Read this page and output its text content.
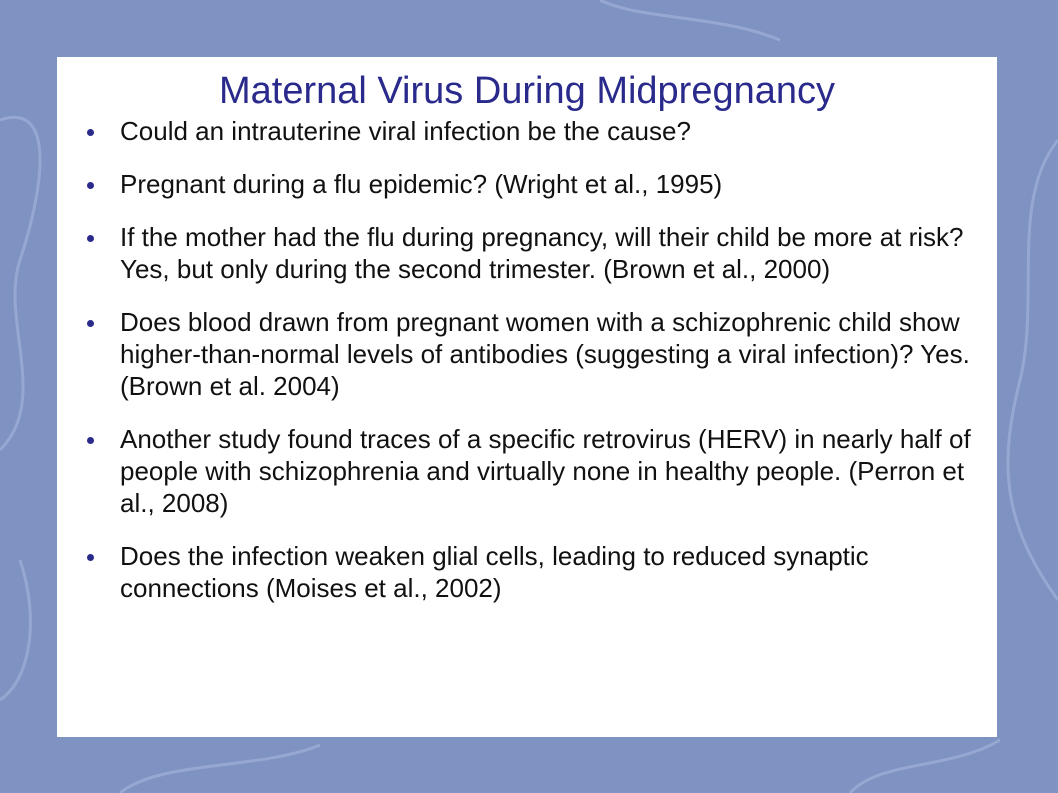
Maternal Virus During Midpregnancy
Could an intrauterine viral infection be the cause?
Pregnant during a flu epidemic? (Wright et al., 1995)
If the mother had the flu during pregnancy, will their child be more at risk? Yes, but only during the second trimester. (Brown et al., 2000)
Does blood drawn from pregnant women with a schizophrenic child show higher-than-normal levels of antibodies (suggesting a viral infection)? Yes. (Brown et al. 2004)
Another study found traces of a specific retrovirus (HERV) in nearly half of people with schizophrenia and virtually none in healthy people. (Perron et al., 2008)
Does the infection weaken glial cells, leading to reduced synaptic connections (Moises et al., 2002)
